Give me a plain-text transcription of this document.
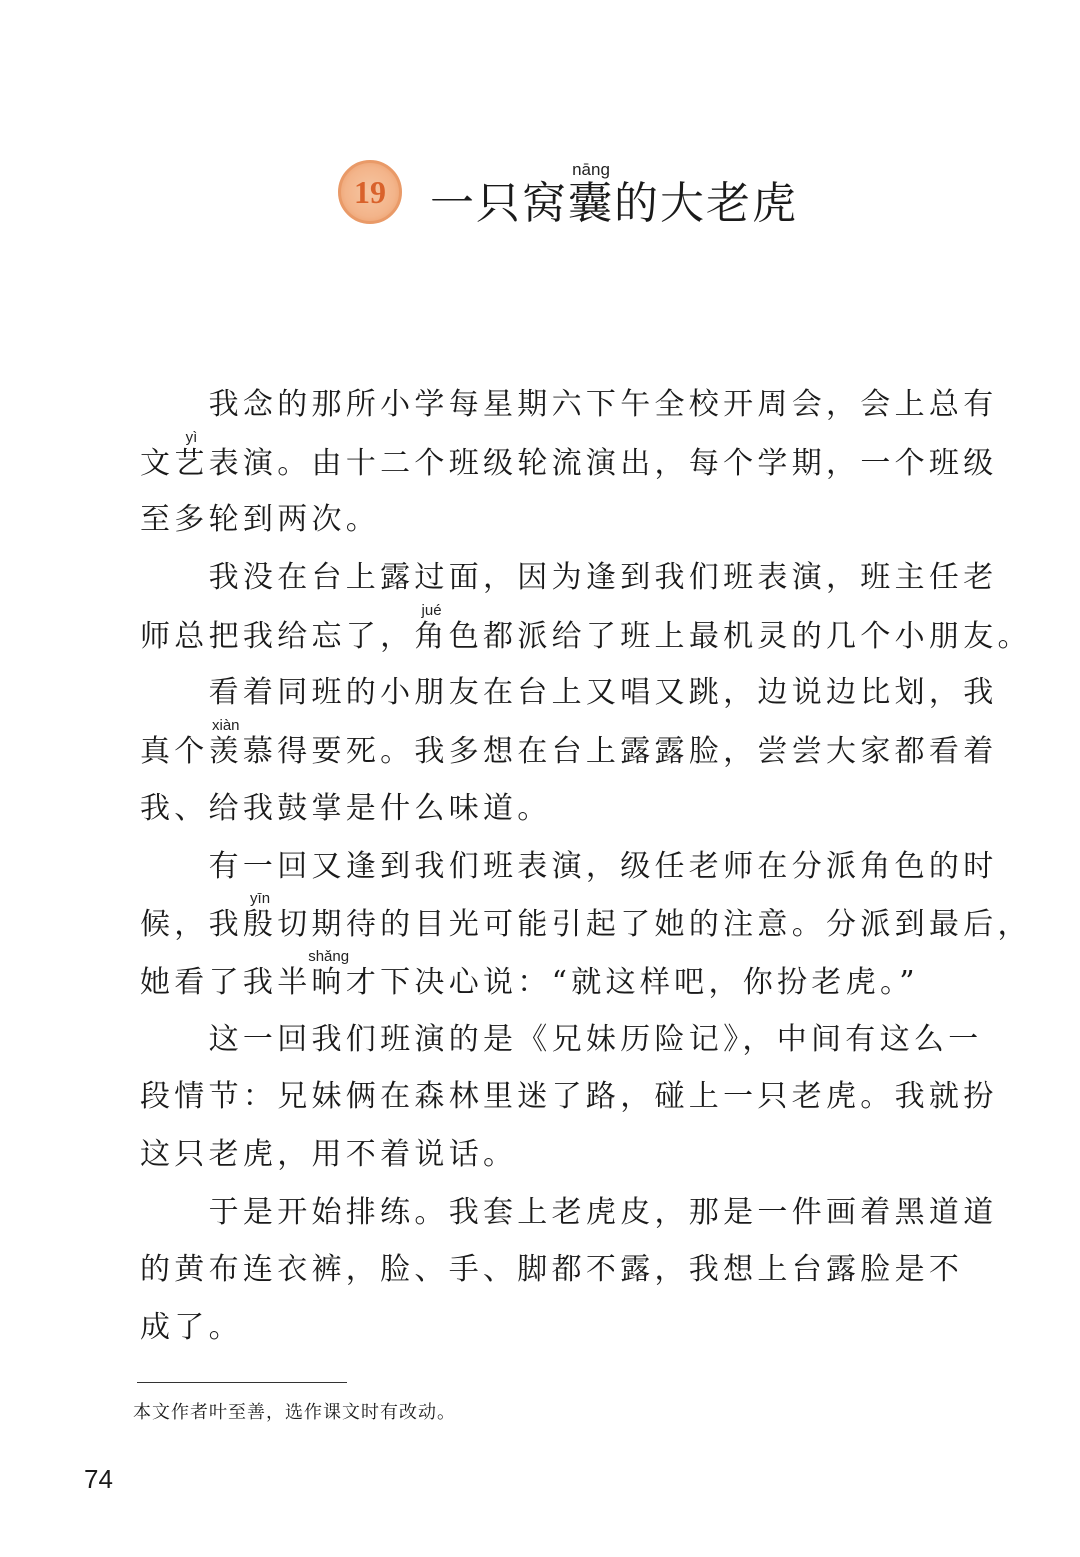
19	一只窝囊nāng的大老虎
　　我念的那所小学每星期六下午全校开周会，会上总有
文艺yì表演。由十二个班级轮流演出，每个学期，一个班级
至多轮到两次。
　　我没在台上露过面，因为逢到我们班表演，班主任老
师总把我给忘了，角jué色都派给了班上最机灵的几个小朋友。
　　看着同班的小朋友在台上又唱又跳，边说边比划，我
真个羡xiàn慕得要死。我多想在台上露露脸，尝尝大家都看着
我、给我鼓掌是什么味道。
　　有一回又逢到我们班表演，级任老师在分派角色的时
候，我殷yīn切期待的目光可能引起了她的注意。分派到最后，
她看了我半晌shǎng才下决心说：“就这样吧，你扮老虎。”
　　这一回我们班演的是《兄妹历险记》，中间有这么一
段情节：兄妹俩在森林里迷了路，碰上一只老虎。我就扮
这只老虎，用不着说话。
　　于是开始排练。我套上老虎皮，那是一件画着黑道道
的黄布连衣裤，脸、手、脚都不露，我想上台露脸是不
成了。
本文作者叶至善，选作课文时有改动。
74
